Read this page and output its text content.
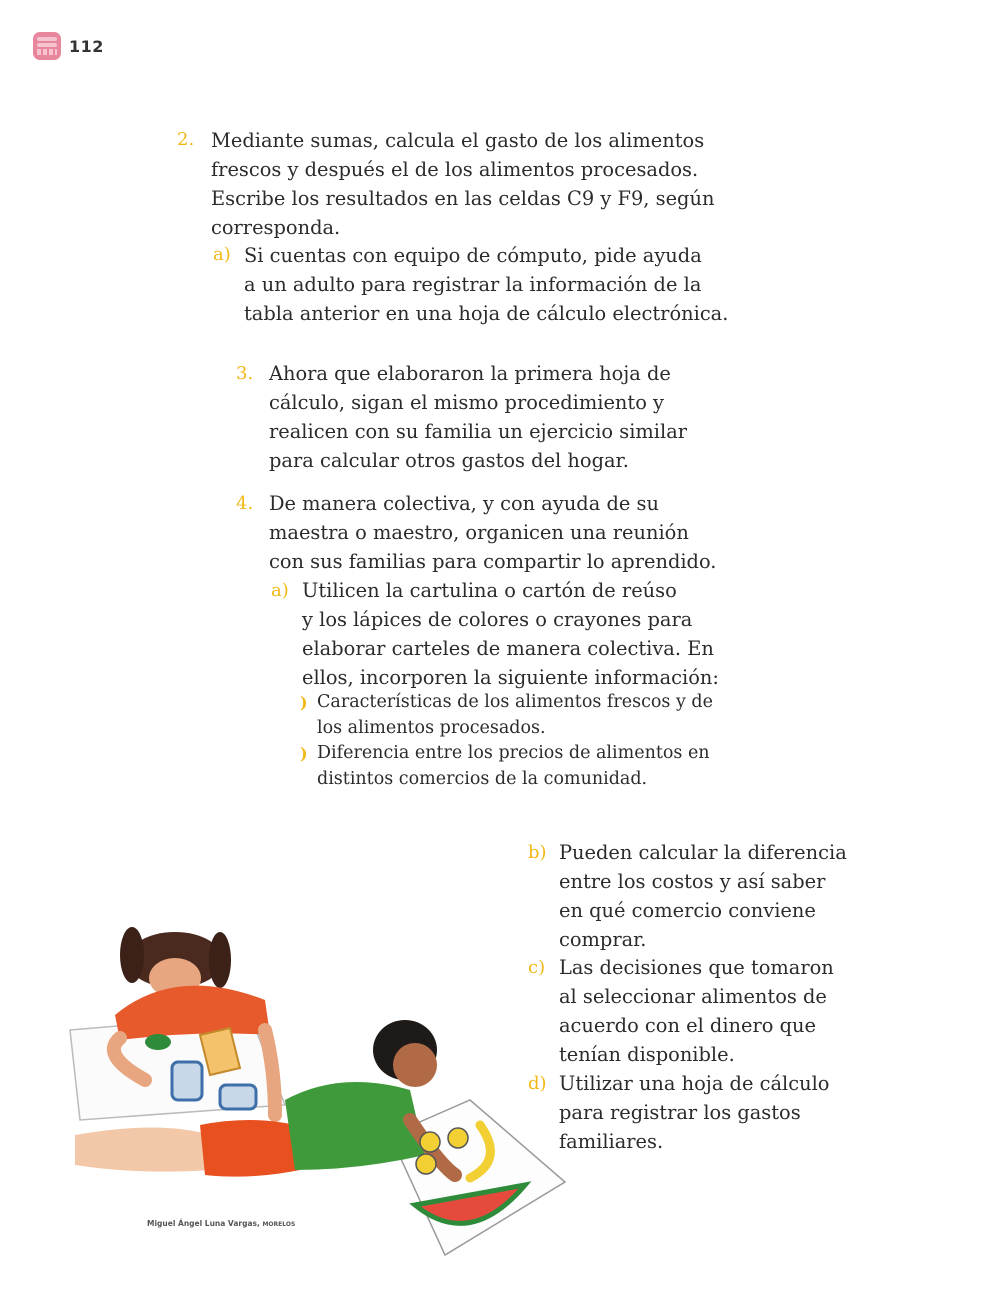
112
2. Mediante sumas, calcula el gasto de los alimentos
frescos y después el de los alimentos procesados.
Escribe los resultados en las celdas C9 y F9, según
corresponda.
a) Si cuentas con equipo de cómputo, pide ayuda
a un adulto para registrar la información de la
tabla anterior en una hoja de cálculo electrónica.
3. Ahora que elaboraron la primera hoja de
cálculo, sigan el mismo procedimiento y
realicen con su familia un ejercicio similar
para calcular otros gastos del hogar.
4. De manera colectiva, y con ayuda de su
maestra o maestro, organicen una reunión
con sus familias para compartir lo aprendido.
a) Utilicen la cartulina o cartón de reúso
y los lápices de colores o crayones para
elaborar carteles de manera colectiva. En
ellos, incorporen la siguiente información:
) Características de los alimentos frescos y de
los alimentos procesados.
) Diferencia entre los precios de alimentos en
distintos comercios de la comunidad.
b) Pueden calcular la diferencia
entre los costos y así saber
en qué comercio conviene
comprar.
c) Las decisiones que tomaron
al seleccionar alimentos de
acuerdo con el dinero que
tenían disponible.
d) Utilizar una hoja de cálculo
para registrar los gastos
familiares.
Miguel Ángel Luna Vargas, MORELOS
